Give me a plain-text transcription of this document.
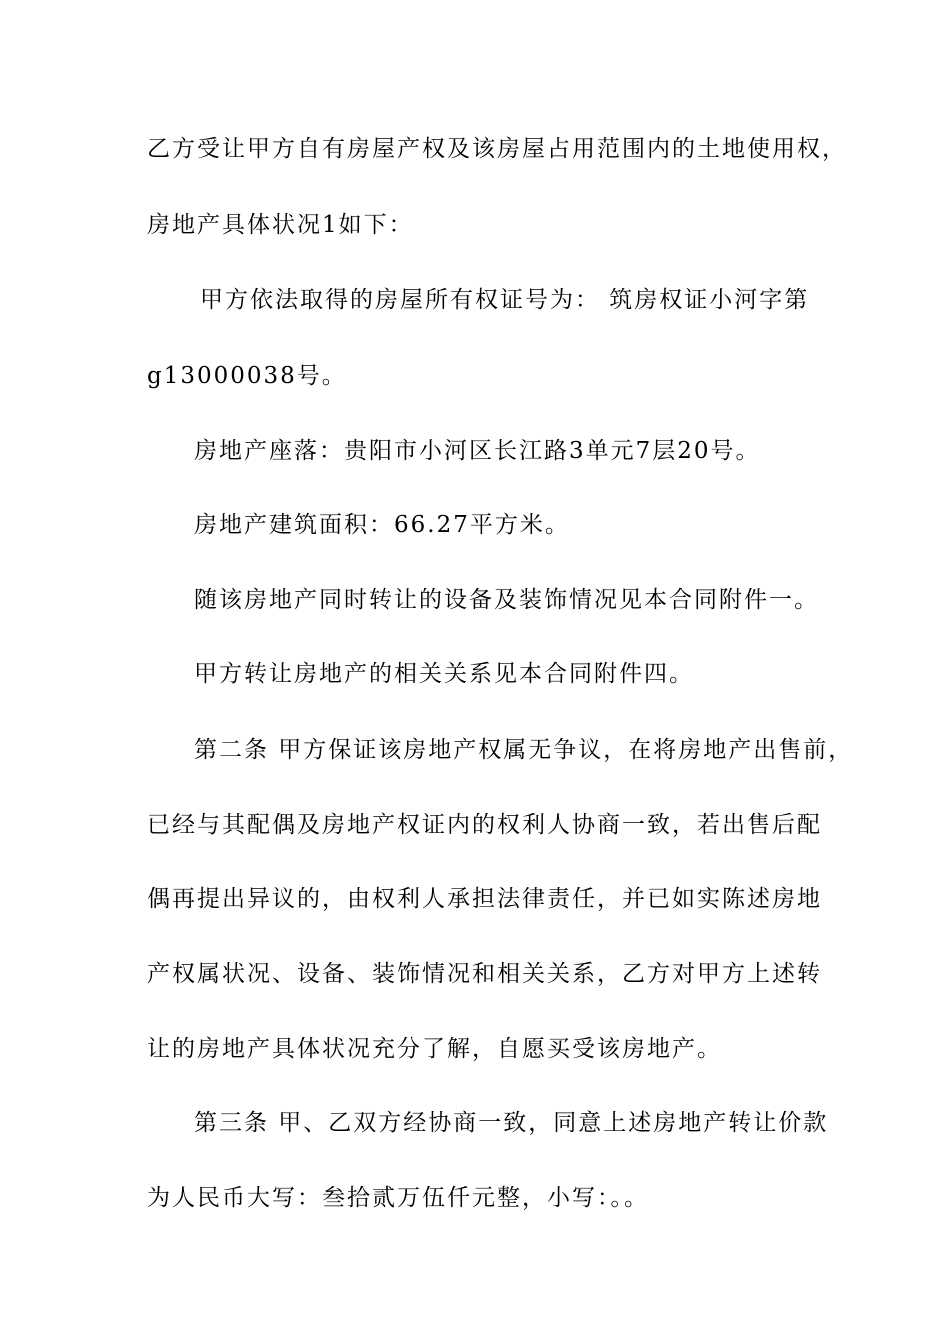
乙方受让甲方自有房屋产权及该房屋占用范围内的土地使用权，
房地产具体状况1如下：
甲方依法取得的房屋所有权证号为： 筑房权证小河字第
g13000038号。
房地产座落：贵阳市小河区长江路3单元7层20号。
房地产建筑面积：66.27平方米。
随该房地产同时转让的设备及装饰情况见本合同附件一。
甲方转让房地产的相关关系见本合同附件四。
第二条 甲方保证该房地产权属无争议，在将房地产出售前，
已经与其配偶及房地产权证内的权利人协商一致，若出售后配
偶再提出异议的，由权利人承担法律责任，并已如实陈述房地
产权属状况、设备、装饰情况和相关关系，乙方对甲方上述转
让的房地产具体状况充分了解，自愿买受该房地产。
第三条 甲、乙双方经协商一致，同意上述房地产转让价款
为人民币大写：叁拾贰万伍仟元整，小写：。。
